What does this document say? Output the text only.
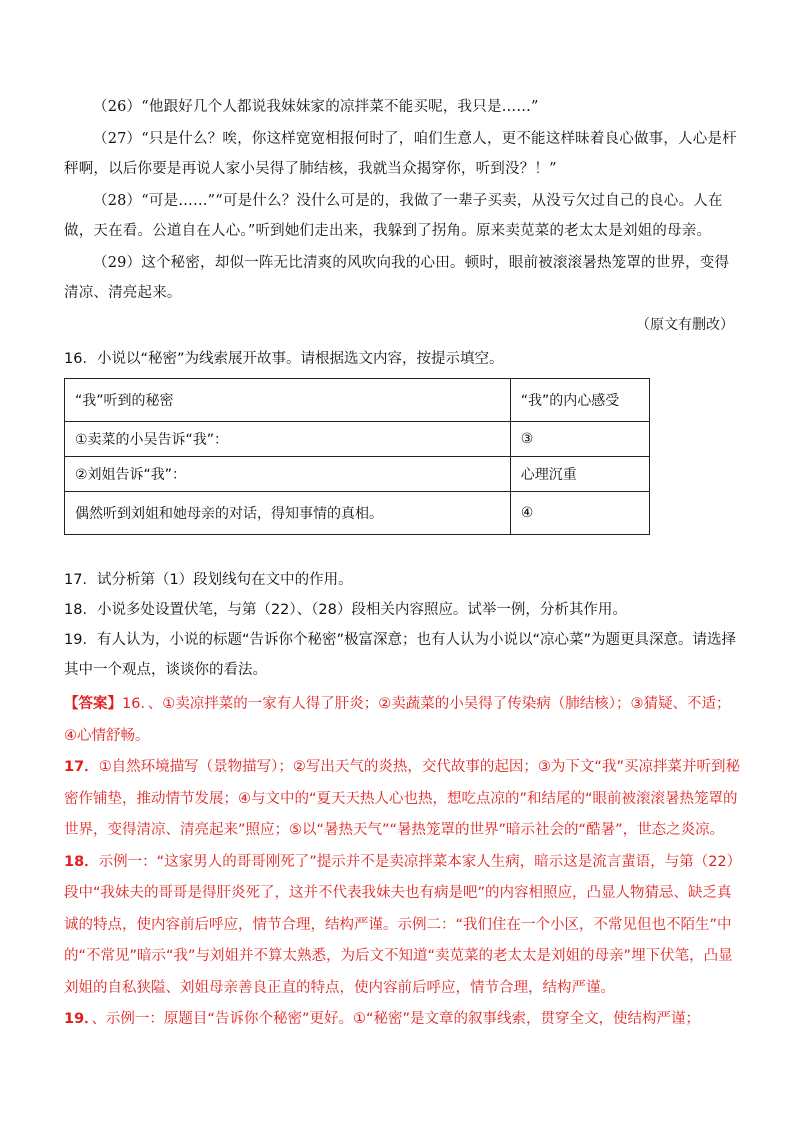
（26）“他跟好几个人都说我妹妹家的凉拌菜不能买呢，我只是……”

（27）“只是什么？唉，你这样宽宽相报何时了，咱们生意人，更不能这样昧着良心做事，人心是杆秤啊，以后你要是再说人家小吴得了肺结核，我就当众揭穿你，听到没？！”

（28）“可是……”“可是什么？没什么可是的，我做了一辈子买卖，从没亏欠过自己的良心。人在做，天在看。公道自在人心。”听到她们走出来，我躲到了拐角。原来卖苋菜的老太太是刘姐的母亲。

（29）这个秘密，却似一阵无比清爽的风吹向我的心田。顿时，眼前被滚滚暑热笼罩的世界，变得清凉、清亮起来。

（原文有删改）

16．小说以“秘密”为线索展开故事。请根据选文内容，按提示填空。

“我”听到的秘密	“我”的内心感受
①卖菜的小吴告诉“我”：	③
②刘姐告诉“我”：	心理沉重
偶然听到刘姐和她母亲的对话，得知事情的真相。	④

17．试分析第（1）段划线句在文中的作用。

18．小说多处设置伏笔，与第（22）、（28）段相关内容照应。试举一例，分析其作用。

19．有人认为，小说的标题“告诉你个秘密”极富深意；也有人认为小说以“凉心菜”为题更具深意。请选择其中一个观点，谈谈你的看法。

【答案】16．、①卖凉拌菜的一家有人得了肝炎；②卖蔬菜的小吴得了传染病（肺结核）；③猜疑、不适；④心情舒畅。

17．①自然环境描写（景物描写）；②写出天气的炎热，交代故事的起因；③为下文“我”买凉拌菜并听到秘密作铺垫，推动情节发展；④与文中的“夏天天热人心也热，想吃点凉的”和结尾的“眼前被滚滚暑热笼罩的世界，变得清凉、清亮起来”照应；⑤以“暑热天气”“暑热笼罩的世界”暗示社会的“酷暑”，世态之炎凉。

18．示例一：“这家男人的哥哥刚死了”提示并不是卖凉拌菜本家人生病，暗示这是流言蜚语，与第（22）段中“我妹夫的哥哥是得肝炎死了，这并不代表我妹夫也有病是吧”的内容相照应，凸显人物猜忌、缺乏真诚的特点，使内容前后呼应，情节合理，结构严谨。示例二：“我们住在一个小区，不常见但也不陌生”中的“不常见”暗示“我”与刘姐并不算太熟悉，为后文不知道“卖苋菜的老太太是刘姐的母亲”埋下伏笔，凸显刘姐的自私狭隘、刘姐母亲善良正直的特点，使内容前后呼应，情节合理，结构严谨。

19．、示例一：原题目“告诉你个秘密”更好。①“秘密”是文章的叙事线索，贯穿全文，使结构严谨；
